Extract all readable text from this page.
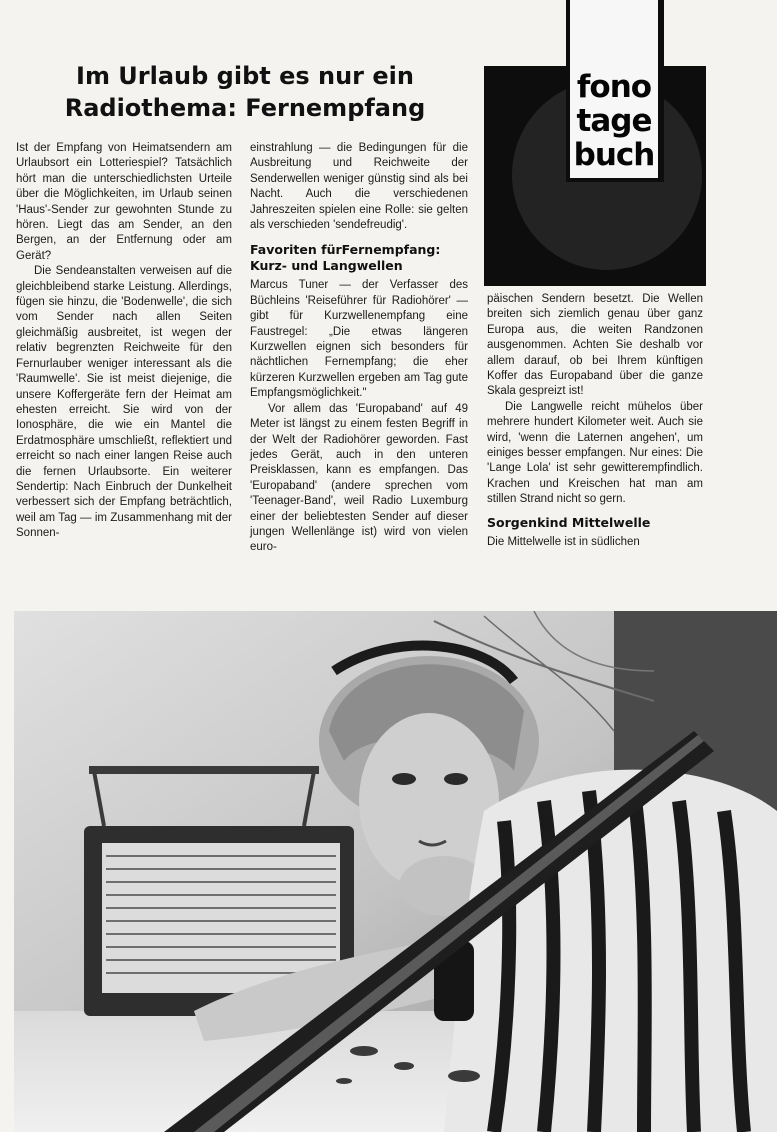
Im Urlaub gibt es nur ein
Radiothema: Fernempfang
fono
tage
buch

Ist der Empfang von Heimatsendern am Urlaubsort ein Lotteriespiel? Tatsächlich hört man die unterschiedlichsten Urteile über die Möglichkeiten, im Urlaub seinen 'Haus'-Sender zur gewohnten Stunde zu hören. Liegt das am Sender, an den Bergen, an der Entfernung oder am Gerät?

Die Sendeanstalten verweisen auf die gleichbleibend starke Leistung. Allerdings, fügen sie hinzu, die 'Bodenwelle', die sich vom Sender nach allen Seiten gleichmäßig ausbreitet, ist wegen der relativ begrenzten Reichweite für den Fernurlauber weniger interessant als die 'Raumwelle'. Sie ist meist diejenige, die unsere Koffergeräte fern der Heimat am ehesten erreicht. Sie wird von der Ionosphäre, die wie ein Mantel die Erdatmosphäre umschließt, reflektiert und erreicht so nach einer langen Reise auch die fernen Urlaubsorte. Ein weiterer Sendertip: Nach Einbruch der Dunkelheit verbessert sich der Empfang beträchtlich, weil am Tag — im Zusammenhang mit der Sonnen-

einstrahlung — die Bedingungen für die Ausbreitung und Reichweite der Senderwellen weniger günstig sind als bei Nacht. Auch die verschiedenen Jahreszeiten spielen eine Rolle: sie gelten als verschieden 'sendefreudig'.

Favoriten fürFernempfang: Kurz- und Langwellen

Marcus Tuner — der Verfasser des Büchleins 'Reiseführer für Radiohörer' — gibt für Kurzwellenempfang eine Faustregel: „Die etwas längeren Kurzwellen eignen sich besonders für nächtlichen Fernempfang; die eher kürzeren Kurzwellen ergeben am Tag gute Empfangsmöglichkeit."

Vor allem das 'Europaband' auf 49 Meter ist längst zu einem festen Begriff in der Welt der Radiohörer geworden. Fast jedes Gerät, auch in den unteren Preisklassen, kann es empfangen. Das 'Europaband' (andere sprechen vom 'Teenager-Band', weil Radio Luxemburg einer der beliebtesten Sender auf dieser jungen Wellenlänge ist) wird von vielen euro-

päischen Sendern besetzt. Die Wellen breiten sich ziemlich genau über ganz Europa aus, die weiten Randzonen ausgenommen. Achten Sie deshalb vor allem darauf, ob bei Ihrem künftigen Koffer das Europaband über die ganze Skala gespreizt ist!

Die Langwelle reicht mühelos über mehrere hundert Kilometer weit. Auch sie wird, 'wenn die Laternen angehen', um einiges besser empfangen. Nur eines: Die 'Lange Lola' ist sehr gewitterempfindlich. Krachen und Kreischen hat man am stillen Strand nicht so gern.

Sorgenkind Mittelwelle

Die Mittelwelle ist in südlichen
